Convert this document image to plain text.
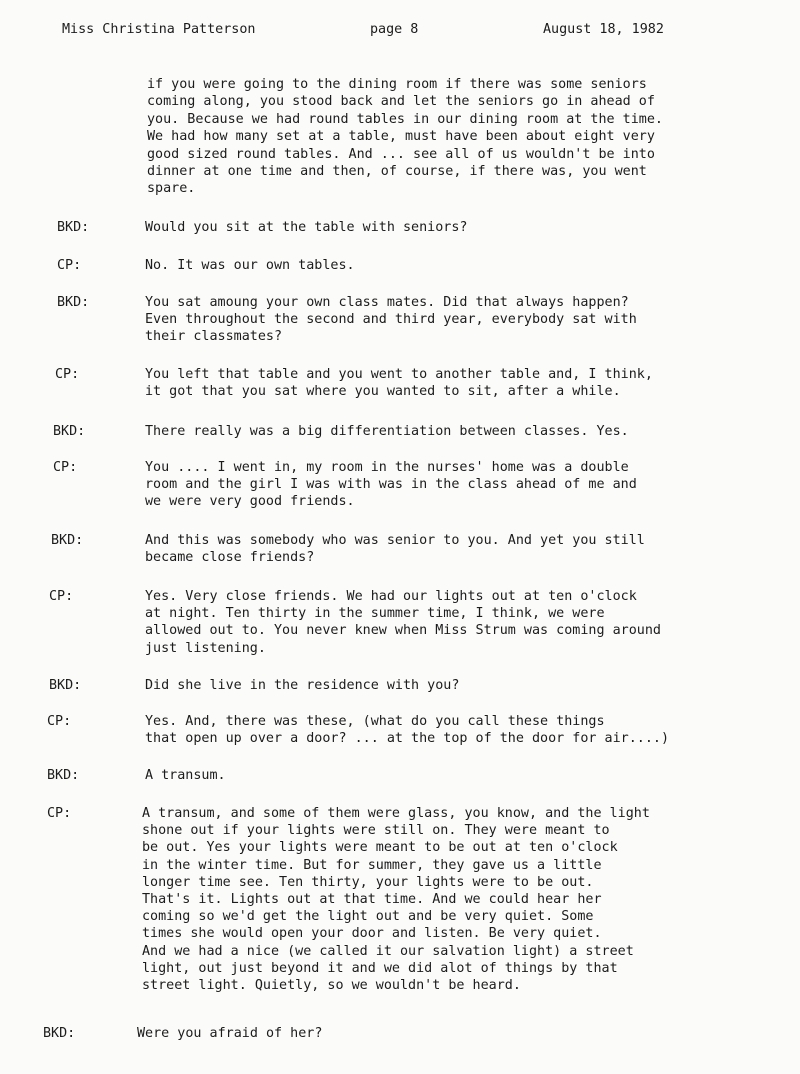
Miss Christina Patterson	page 8	August 18, 1982
if you were going to the dining room if there was some seniors
coming along, you stood back and let the seniors go in ahead of
you. Because we had round tables in our dining room at the time.
We had how many set at a table, must have been about eight very
good sized round tables. And ... see all of us wouldn't be into
dinner at one time and then, of course, if there was, you went
spare.
BKD:	Would you sit at the table with seniors?
CP:	No. It was our own tables.
BKD:	You sat amoung your own class mates. Did that always happen?
Even throughout the second and third year, everybody sat with
their classmates?
CP:	You left that table and you went to another table and, I think,
it got that you sat where you wanted to sit, after a while.
BKD:	There really was a big differentiation between classes. Yes.
CP:	You .... I went in, my room in the nurses' home was a double
room and the girl I was with was in the class ahead of me and
we were very good friends.
BKD:	And this was somebody who was senior to you. And yet you still
became close friends?
CP:	Yes. Very close friends. We had our lights out at ten o'clock
at night. Ten thirty in the summer time, I think, we were
allowed out to. You never knew when Miss Strum was coming around
just listening.
BKD:	Did she live in the residence with you?
CP:	Yes. And, there was these, (what do you call these things
that open up over a door? ... at the top of the door for air....)
BKD:	A transum.
CP:	A transum, and some of them were glass, you know, and the light
shone out if your lights were still on. They were meant to
be out. Yes your lights were meant to be out at ten o'clock
in the winter time. But for summer, they gave us a little
longer time see. Ten thirty, your lights were to be out.
That's it. Lights out at that time. And we could hear her
coming so we'd get the light out and be very quiet. Some
times she would open your door and listen. Be very quiet.
And we had a nice (we called it our salvation light) a street
light, out just beyond it and we did alot of things by that
street light. Quietly, so we wouldn't be heard.
BKD:	Were you afraid of her?
